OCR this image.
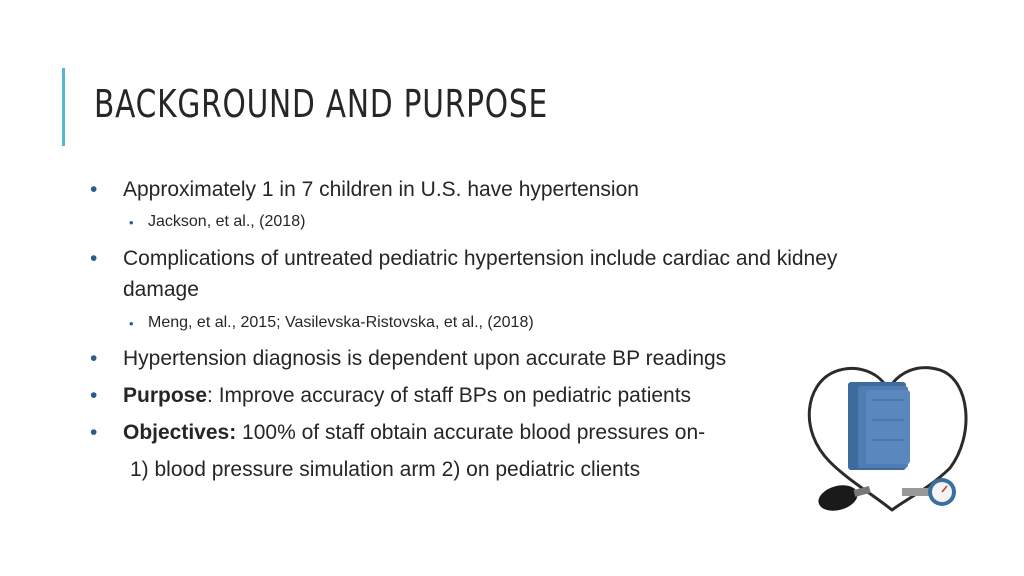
BACKGROUND AND PURPOSE
• Approximately 1 in 7 children in U.S. have hypertension
• Jackson, et al., (2018)
• Complications of untreated pediatric hypertension include cardiac and kidney damage
• Meng, et al., 2015; Vasilevska-Ristovska, et al., (2018)
• Hypertension diagnosis is dependent upon accurate BP readings
• Purpose: Improve accuracy of staff BPs on pediatric patients
• Objectives: 100% of staff obtain accurate blood pressures on-
1) blood pressure simulation arm 2) on pediatric clients
